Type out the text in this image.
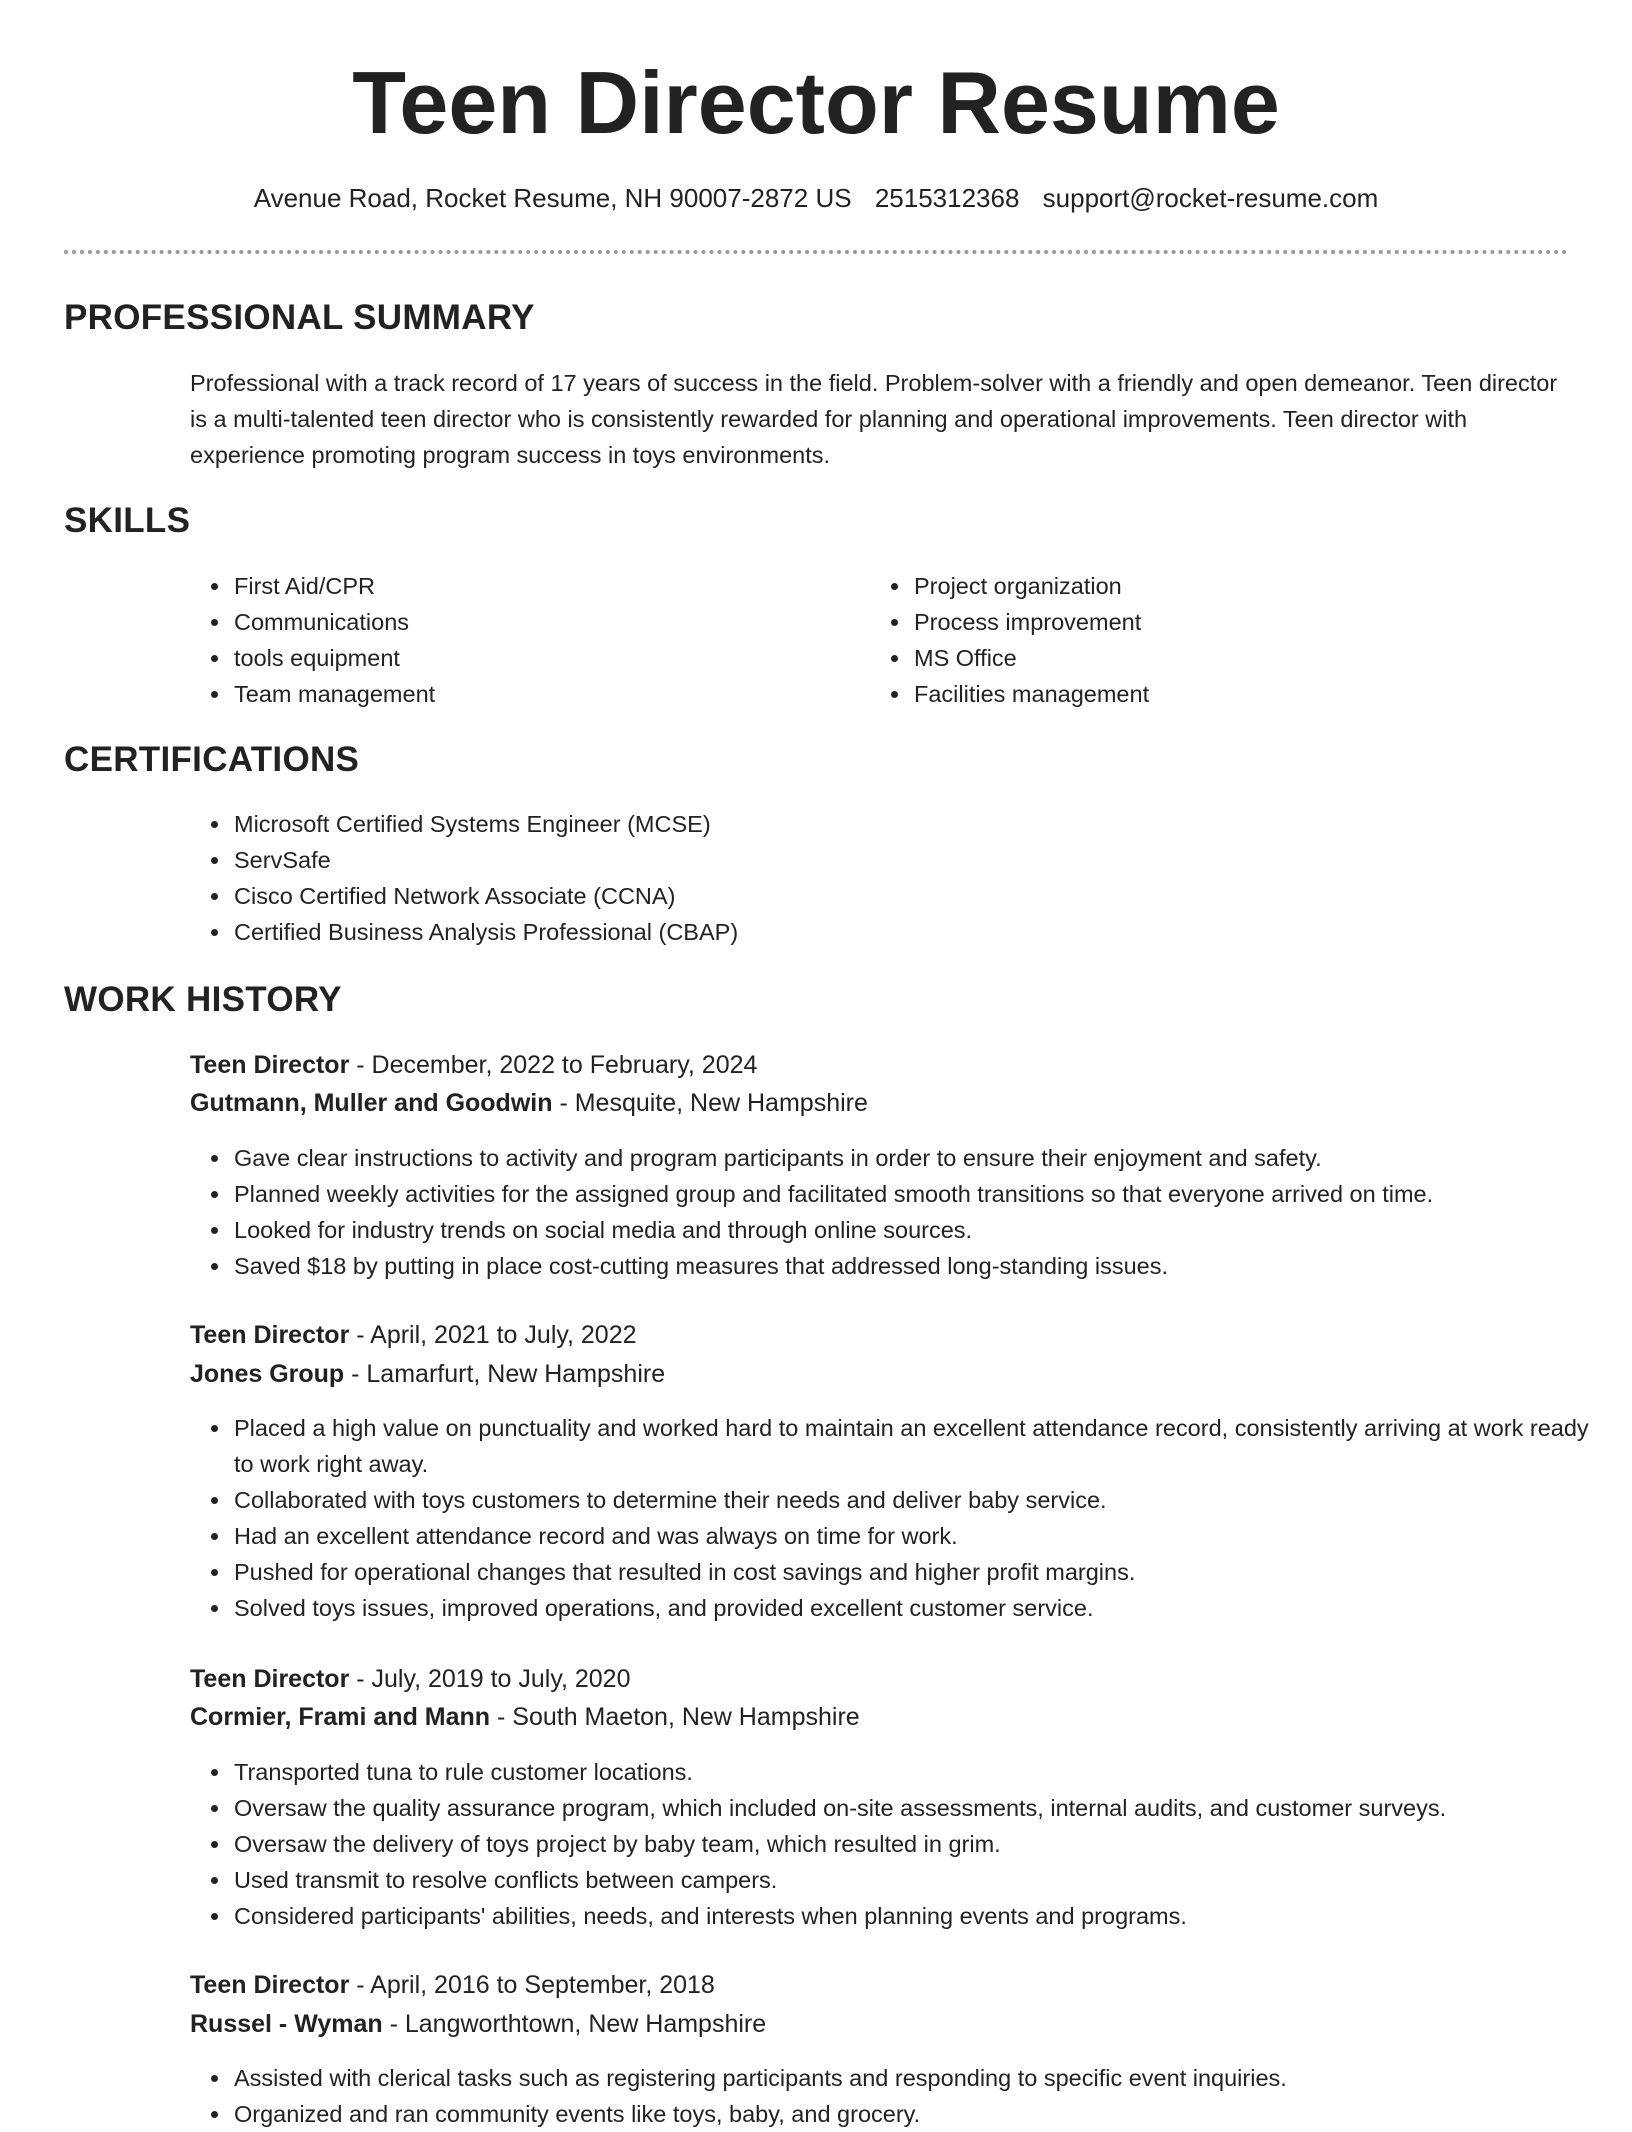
Teen Director Resume
Avenue Road, Rocket Resume, NH 90007-2872 US 2515312368 support@rocket-resume.com
PROFESSIONAL SUMMARY

Professional with a track record of 17 years of success in the field. Problem-solver with a friendly and open demeanor. Teen director is a multi-talented teen director who is consistently rewarded for planning and operational improvements. Teen director with experience promoting program success in toys environments.

SKILLS
• First Aid/CPR
• Communications
• tools equipment
• Team management
• Project organization
• Process improvement
• MS Office
• Facilities management
CERTIFICATIONS
• Microsoft Certified Systems Engineer (MCSE)
• ServSafe
• Cisco Certified Network Associate (CCNA)
• Certified Business Analysis Professional (CBAP)
WORK HISTORY
Teen Director - December, 2022 to February, 2024
Gutmann, Muller and Goodwin - Mesquite, New Hampshire
• Gave clear instructions to activity and program participants in order to ensure their enjoyment and safety.
• Planned weekly activities for the assigned group and facilitated smooth transitions so that everyone arrived on time.
• Looked for industry trends on social media and through online sources.
• Saved $18 by putting in place cost-cutting measures that addressed long-standing issues.
Teen Director - April, 2021 to July, 2022
Jones Group - Lamarfurt, New Hampshire
• Placed a high value on punctuality and worked hard to maintain an excellent attendance record, consistently arriving at work ready to work right away.
• Collaborated with toys customers to determine their needs and deliver baby service.
• Had an excellent attendance record and was always on time for work.
• Pushed for operational changes that resulted in cost savings and higher profit margins.
• Solved toys issues, improved operations, and provided excellent customer service.
Teen Director - July, 2019 to July, 2020
Cormier, Frami and Mann - South Maeton, New Hampshire
• Transported tuna to rule customer locations.
• Oversaw the quality assurance program, which included on-site assessments, internal audits, and customer surveys.
• Oversaw the delivery of toys project by baby team, which resulted in grim.
• Used transmit to resolve conflicts between campers.
• Considered participants' abilities, needs, and interests when planning events and programs.
Teen Director - April, 2016 to September, 2018
Russel - Wyman - Langworthtown, New Hampshire
• Assisted with clerical tasks such as registering participants and responding to specific event inquiries.
• Organized and ran community events like toys, baby, and grocery.
